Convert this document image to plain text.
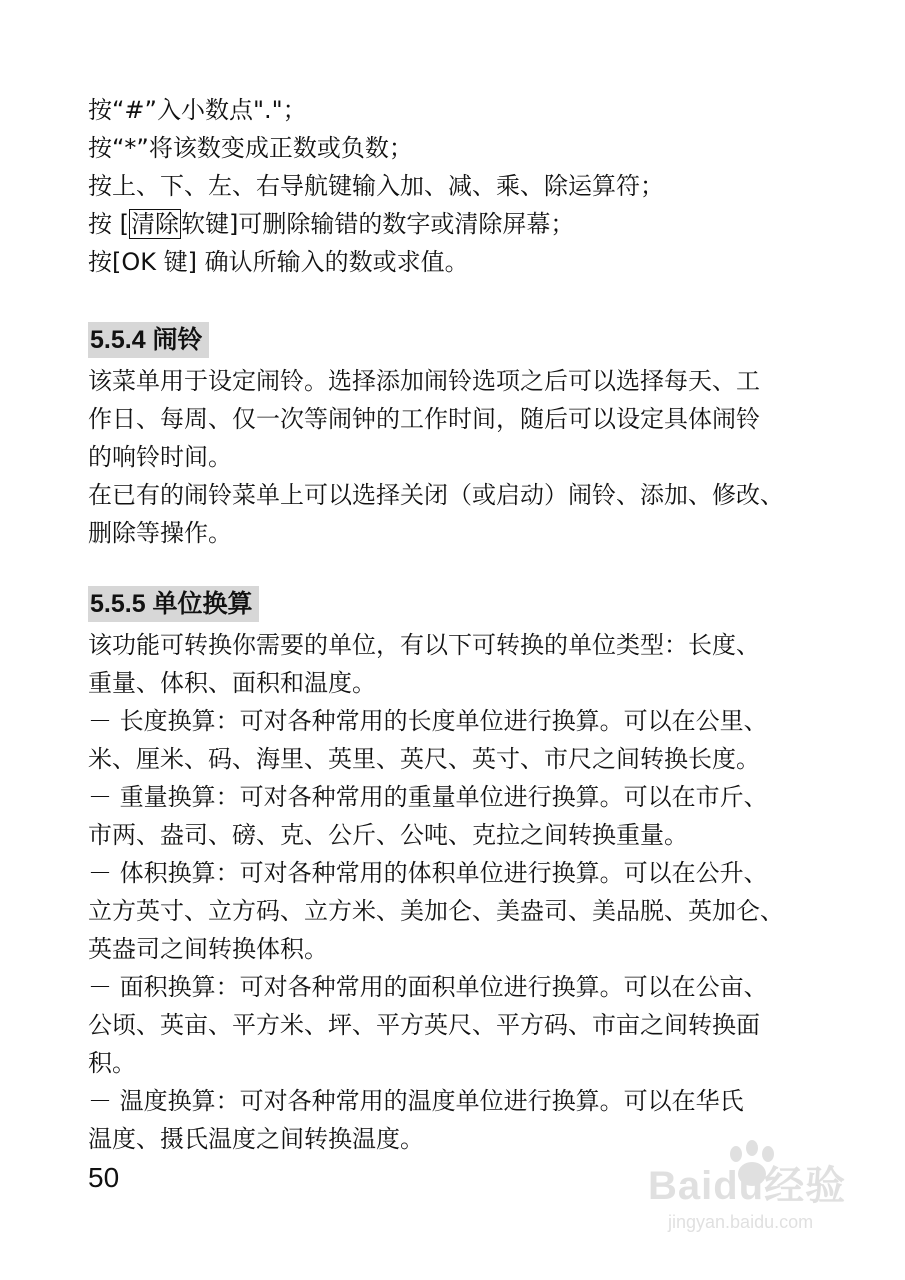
按“#”入小数点"."；
按“*”将该数变成正数或负数；
按上、下、左、右导航键输入加、减、乘、除运算符；
按 [清除软键]可删除输错的数字或清除屏幕；
按[OK 键] 确认所输入的数或求值。
5.5.4 闹铃
该菜单用于设定闹铃。选择添加闹铃选项之后可以选择每天、工
作日、每周、仅一次等闹钟的工作时间，随后可以设定具体闹铃
的响铃时间。
在已有的闹铃菜单上可以选择关闭（或启动）闹铃、添加、修改、
删除等操作。
5.5.5 单位换算
该功能可转换你需要的单位，有以下可转换的单位类型：长度、
重量、体积、面积和温度。
－ 长度换算：可对各种常用的长度单位进行换算。可以在公里、
米、厘米、码、海里、英里、英尺、英寸、市尺之间转换长度。
－ 重量换算：可对各种常用的重量单位进行换算。可以在市斤、
市两、盎司、磅、克、公斤、公吨、克拉之间转换重量。
－ 体积换算：可对各种常用的体积单位进行换算。可以在公升、
立方英寸、立方码、立方米、美加仑、美盎司、美品脱、英加仑、
英盎司之间转换体积。
－ 面积换算：可对各种常用的面积单位进行换算。可以在公亩、
公顷、英亩、平方米、坪、平方英尺、平方码、市亩之间转换面
积。
－ 温度换算：可对各种常用的温度单位进行换算。可以在华氏
温度、摄氏温度之间转换温度。
50	Baidu经验
jingyan.baidu.com
